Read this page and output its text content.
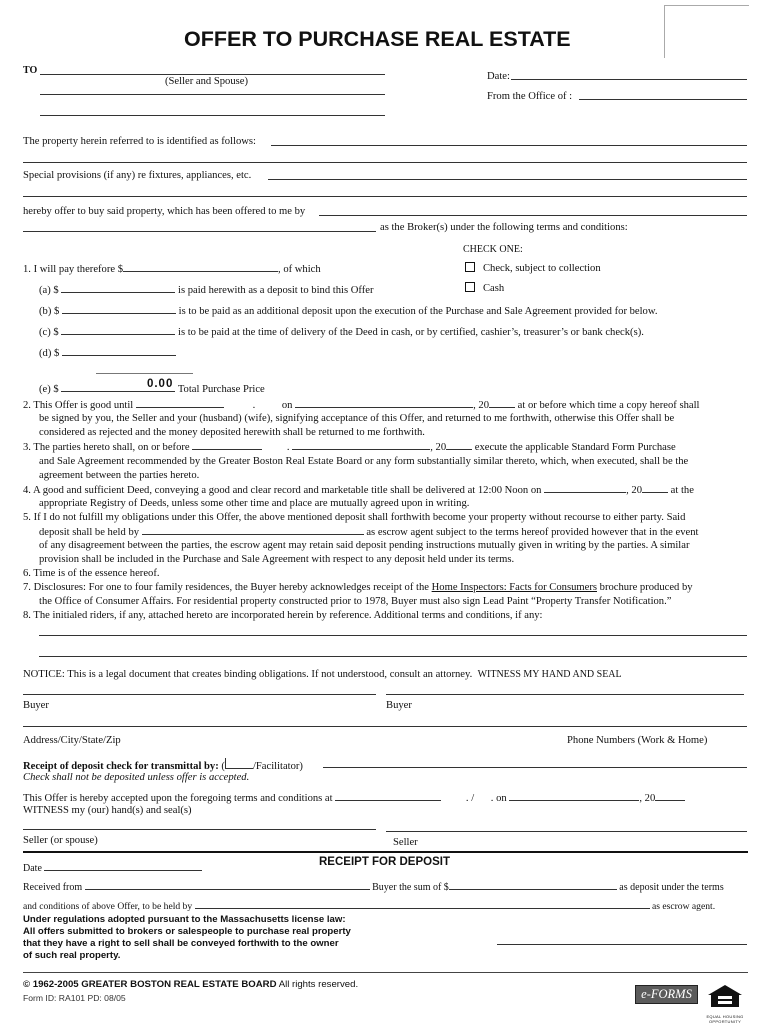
OFFER TO PURCHASE REAL ESTATE
TO
(Seller and Spouse)	Date:
From the Office of :
The property herein referred to is identified as follows:
Special provisions (if any) re fixtures, appliances, etc.
hereby offer to buy said property, which has been offered to me by
as the Broker(s) under the following terms and conditions:
CHECK ONE:
1. I will pay therefore $	, of which	Check, subject to collection
Cash
(a) $	is paid herewith as a deposit to bind this Offer
(b) $	is to be paid as an additional deposit upon the execution of the Purchase and Sale Agreement provided for below.
(c) $	is to be paid at the time of delivery of the Deed in cash, or by certified, cashier’s, treasurer’s or bank check(s).
(d) $
(e) $	0.00 Total Purchase Price
2. This Offer is good until	. on	, 20	at or before which time a copy hereof shall
be signed by you, the Seller and your (husband) (wife), signifying acceptance of this Offer, and returned to me forthwith, otherwise this Offer shall be
considered as rejected and the money deposited herewith shall be returned to me forthwith.
3. The parties hereto shall, on or before	.	, 20	execute the applicable Standard Form Purchase
and Sale Agreement recommended by the Greater Boston Real Estate Board or any form substantially similar thereto, which, when executed, shall be the
agreement between the parties hereto.
4. A good and sufficient Deed, conveying a good and clear record and marketable title shall be delivered at 12:00 Noon on	, 20	at the
appropriate Registry of Deeds, unless some other time and place are mutually agreed upon in writing.
5. If I do not fulfill my obligations under this Offer, the above mentioned deposit shall forthwith become your property without recourse to either party. Said
deposit shall be held by	as escrow agent subject to the terms hereof provided however that in the event
of any disagreement between the parties, the escrow agent may retain said deposit pending instructions mutually given in writing by the parties. A similar
provision shall be included in the Purchase and Sale Agreement with respect to any deposit held under its terms.
6. Time is of the essence hereof.
7. Disclosures: For one to four family residences, the Buyer hereby acknowledges receipt of the Home Inspectors: Facts for Consumers brochure produced by
the Office of Consumer Affairs. For residential property constructed prior to 1978, Buyer must also sign Lead Paint “Property Transfer Notification.”
8. The initialed riders, if any, attached hereto are incorporated herein by reference. Additional terms and conditions, if any:
NOTICE: This is a legal document that creates binding obligations. If not understood, consult an attorney. WITNESS MY HAND AND SEAL
Buyer	Buyer
Address/City/State/Zip	Phone Numbers (Work & Home)
Receipt of deposit check for transmittal by: (	/Facilitator)
Check shall not be deposited unless offer is accepted.
This Offer is hereby accepted upon the foregoing terms and conditions at	. / . on	, 20
WITNESS my (our) hand(s) and seal(s)
Seller (or spouse)	Seller
RECEIPT FOR DEPOSIT
Date
Received from	Buyer the sum of $	as deposit under the terms
and conditions of above Offer, to be held by	as escrow agent.
Under regulations adopted pursuant to the Massachusetts license law:
All offers submitted to brokers or salespeople to purchase real property
that they have a right to sell shall be conveyed forthwith to the owner
of such real property.
© 1962-2005 GREATER BOSTON REAL ESTATE BOARD All rights reserved.
Form ID: RA101 PD: 08/05	e-FORMS
EQUAL HOUSING OPPORTUNITY
